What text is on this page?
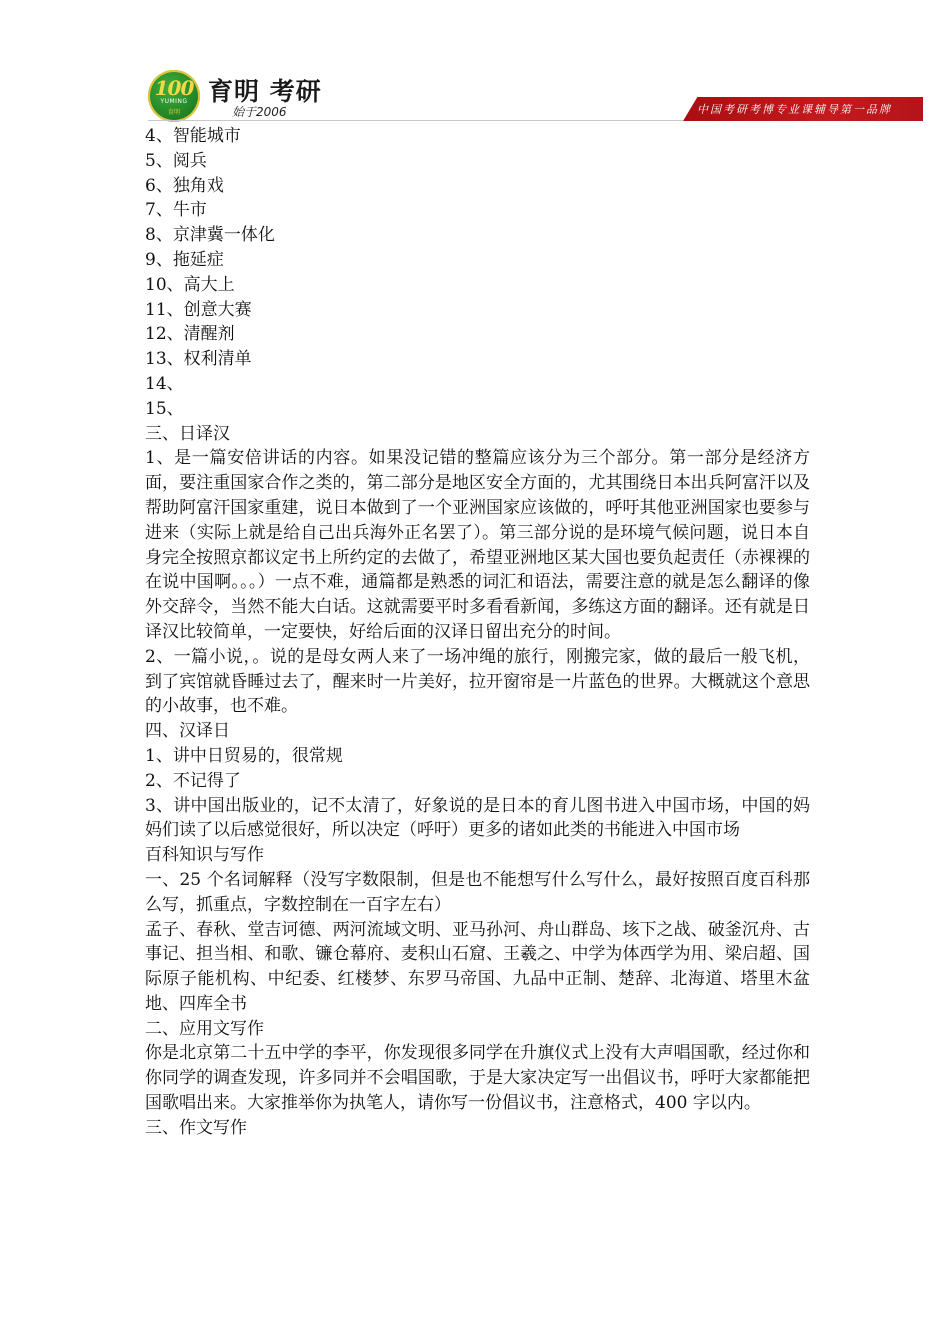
100
YUMING
育明
育明 考研
始于2006	中国考研考博专业课辅导第一品牌

4、智能城市

5、阅兵

6、独角戏

7、牛市

8、京津冀一体化

9、拖延症

10、高大上

11、创意大赛

12、清醒剂

13、权利清单

14、

15、

三、日译汉

1、是一篇安倍讲话的内容。如果没记错的整篇应该分为三个部分。第一部分是经济方面，要注重国家合作之类的，第二部分是地区安全方面的，尤其围绕日本出兵阿富汗以及帮助阿富汗国家重建，说日本做到了一个亚洲国家应该做的，呼吁其他亚洲国家也要参与进来（实际上就是给自己出兵海外正名罢了）。第三部分说的是环境气候问题，说日本自身完全按照京都议定书上所约定的去做了，希望亚洲地区某大国也要负起责任（赤裸裸的在说中国啊。。。）一点不难，通篇都是熟悉的词汇和语法，需要注意的就是怎么翻译的像外交辞令，当然不能大白话。这就需要平时多看看新闻，多练这方面的翻译。还有就是日译汉比较简单，一定要快，好给后面的汉译日留出充分的时间。

2、一篇小说，。说的是母女两人来了一场冲绳的旅行，刚搬完家，做的最后一般飞机，到了宾馆就昏睡过去了，醒来时一片美好，拉开窗帘是一片蓝色的世界。大概就这个意思的小故事，也不难。

四、汉译日

1、讲中日贸易的，很常规

2、不记得了

3、讲中国出版业的，记不太清了，好象说的是日本的育儿图书进入中国市场，中国的妈妈们读了以后感觉很好，所以决定（呼吁）更多的诸如此类的书能进入中国市场

百科知识与写作

一、25 个名词解释（没写字数限制，但是也不能想写什么写什么，最好按照百度百科那么写，抓重点，字数控制在一百字左右）

孟子、春秋、堂吉诃德、两河流域文明、亚马孙河、舟山群岛、垓下之战、破釜沉舟、古事记、担当相、和歌、镰仓幕府、麦积山石窟、王羲之、中学为体西学为用、梁启超、国际原子能机构、中纪委、红楼梦、东罗马帝国、九品中正制、楚辞、北海道、塔里木盆地、四库全书

二、应用文写作

你是北京第二十五中学的李平，你发现很多同学在升旗仪式上没有大声唱国歌，经过你和你同学的调查发现，许多同并不会唱国歌，于是大家决定写一出倡议书，呼吁大家都能把国歌唱出来。大家推举你为执笔人，请你写一份倡议书，注意格式，400 字以内。

三、作文写作
